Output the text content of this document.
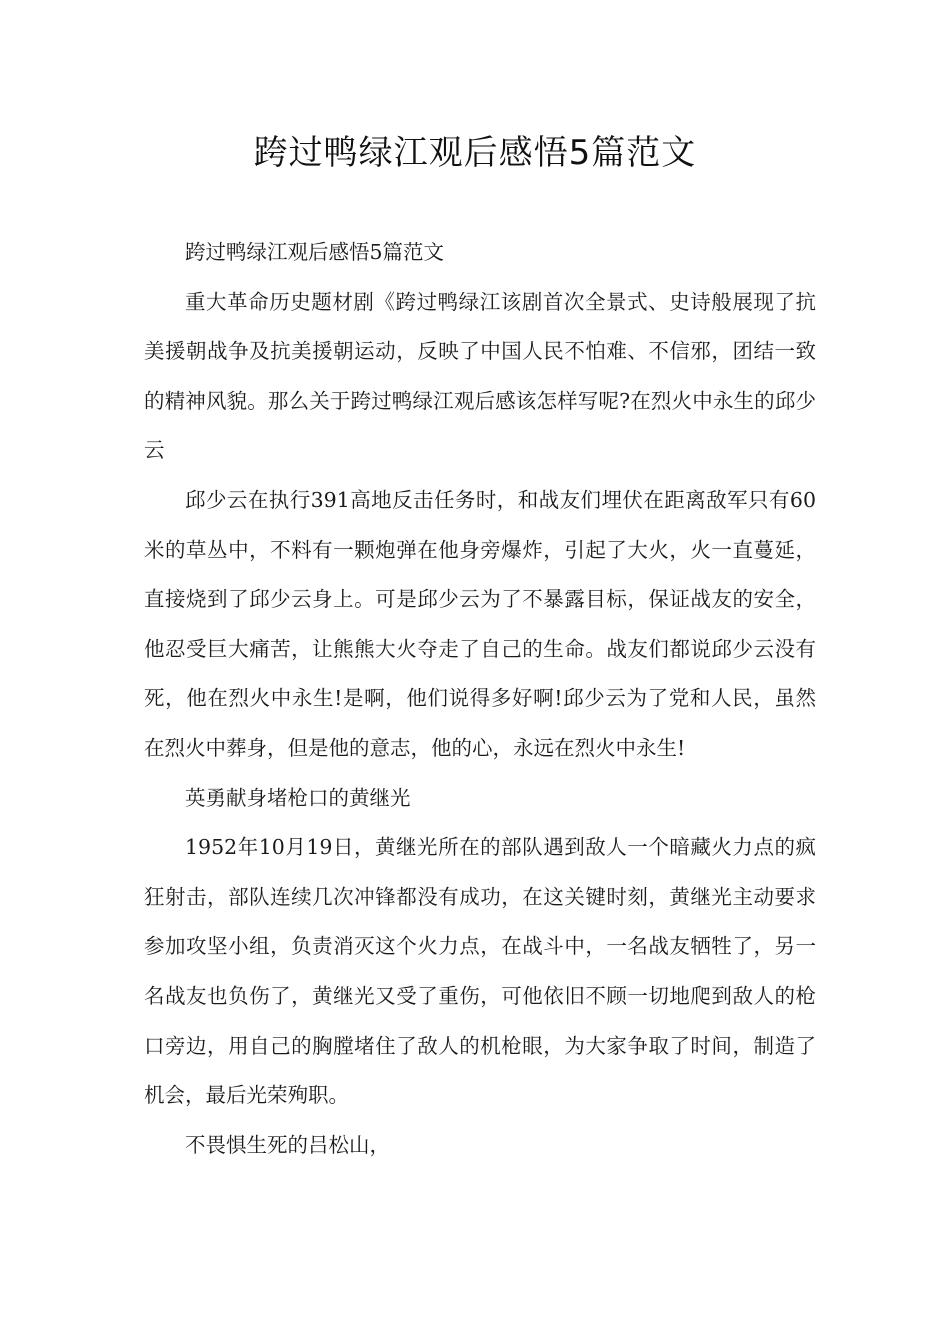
跨过鸭绿江观后感悟5篇范文

跨过鸭绿江观后感悟5篇范文

重大革命历史题材剧《跨过鸭绿江该剧首次全景式、史诗般展现了抗美援朝战争及抗美援朝运动，反映了中国人民不怕难、不信邪，团结一致的精神风貌。那么关于跨过鸭绿江观后感该怎样写呢?在烈火中永生的邱少云

邱少云在执行391高地反击任务时，和战友们埋伏在距离敌军只有60米的草丛中，不料有一颗炮弹在他身旁爆炸，引起了大火，火一直蔓延，直接烧到了邱少云身上。可是邱少云为了不暴露目标，保证战友的安全，他忍受巨大痛苦，让熊熊大火夺走了自己的生命。战友们都说邱少云没有死，他在烈火中永生!是啊，他们说得多好啊!邱少云为了党和人民，虽然在烈火中葬身，但是他的意志，他的心，永远在烈火中永生!

英勇献身堵枪口的黄继光

1952年10月19日，黄继光所在的部队遇到敌人一个暗藏火力点的疯狂射击，部队连续几次冲锋都没有成功，在这关键时刻，黄继光主动要求参加攻坚小组，负责消灭这个火力点，在战斗中，一名战友牺牲了，另一名战友也负伤了，黄继光又受了重伤，可他依旧不顾一切地爬到敌人的枪口旁边，用自己的胸膛堵住了敌人的机枪眼，为大家争取了时间，制造了机会，最后光荣殉职。

不畏惧生死的吕松山，
